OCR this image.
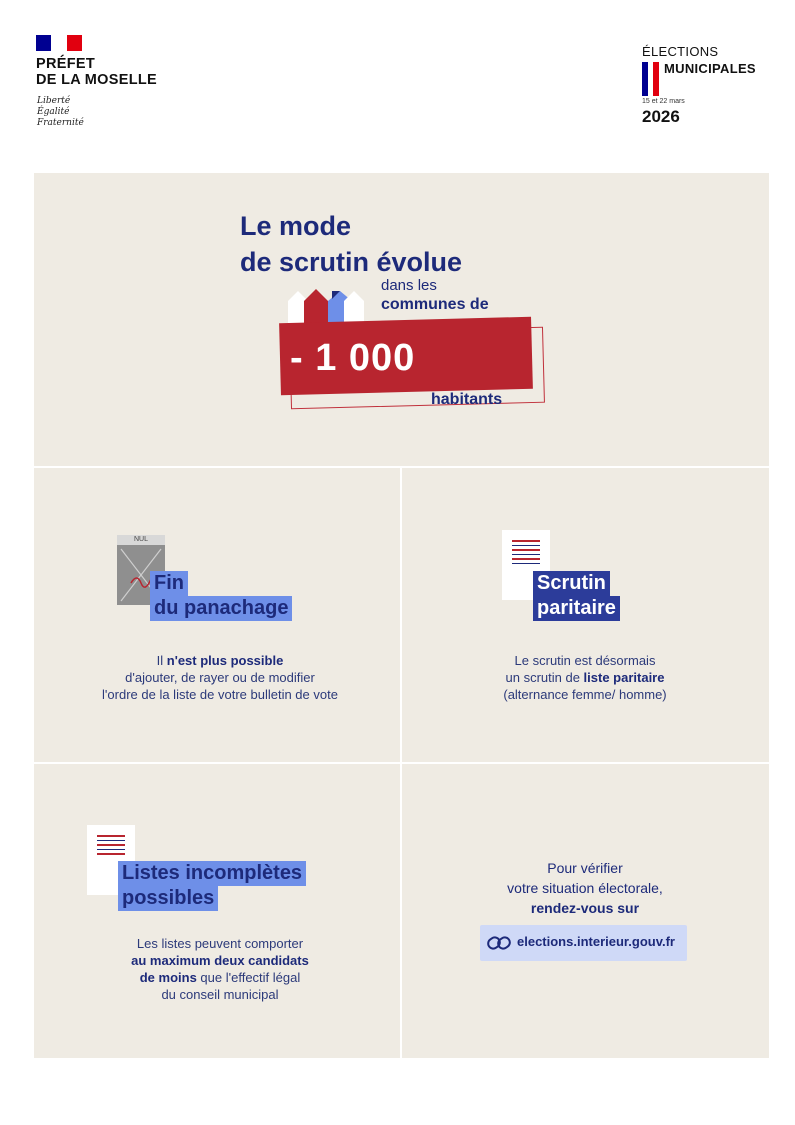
PRÉFET
DE LA MOSELLE
Liberté
Égalité
Fraternité
ÉLECTIONS
MUNICIPALES
15 et 22 mars
2026
Le mode
de scrutin évolue
dans les
communes de
- 1 000
habitants
NUL
Fin
du panachage
Il n'est plus possible
d'ajouter, de rayer ou de modifier
l'ordre de la liste de votre bulletin de vote
Scrutin
paritaire
Le scrutin est désormais
un scrutin de liste paritaire
(alternance femme/ homme)
Listes incomplètes
possibles
Les listes peuvent comporter
au maximum deux candidats
de moins que l'effectif légal
du conseil municipal
Pour vérifier
votre situation électorale,
rendez-vous sur
elections.interieur.gouv.fr
